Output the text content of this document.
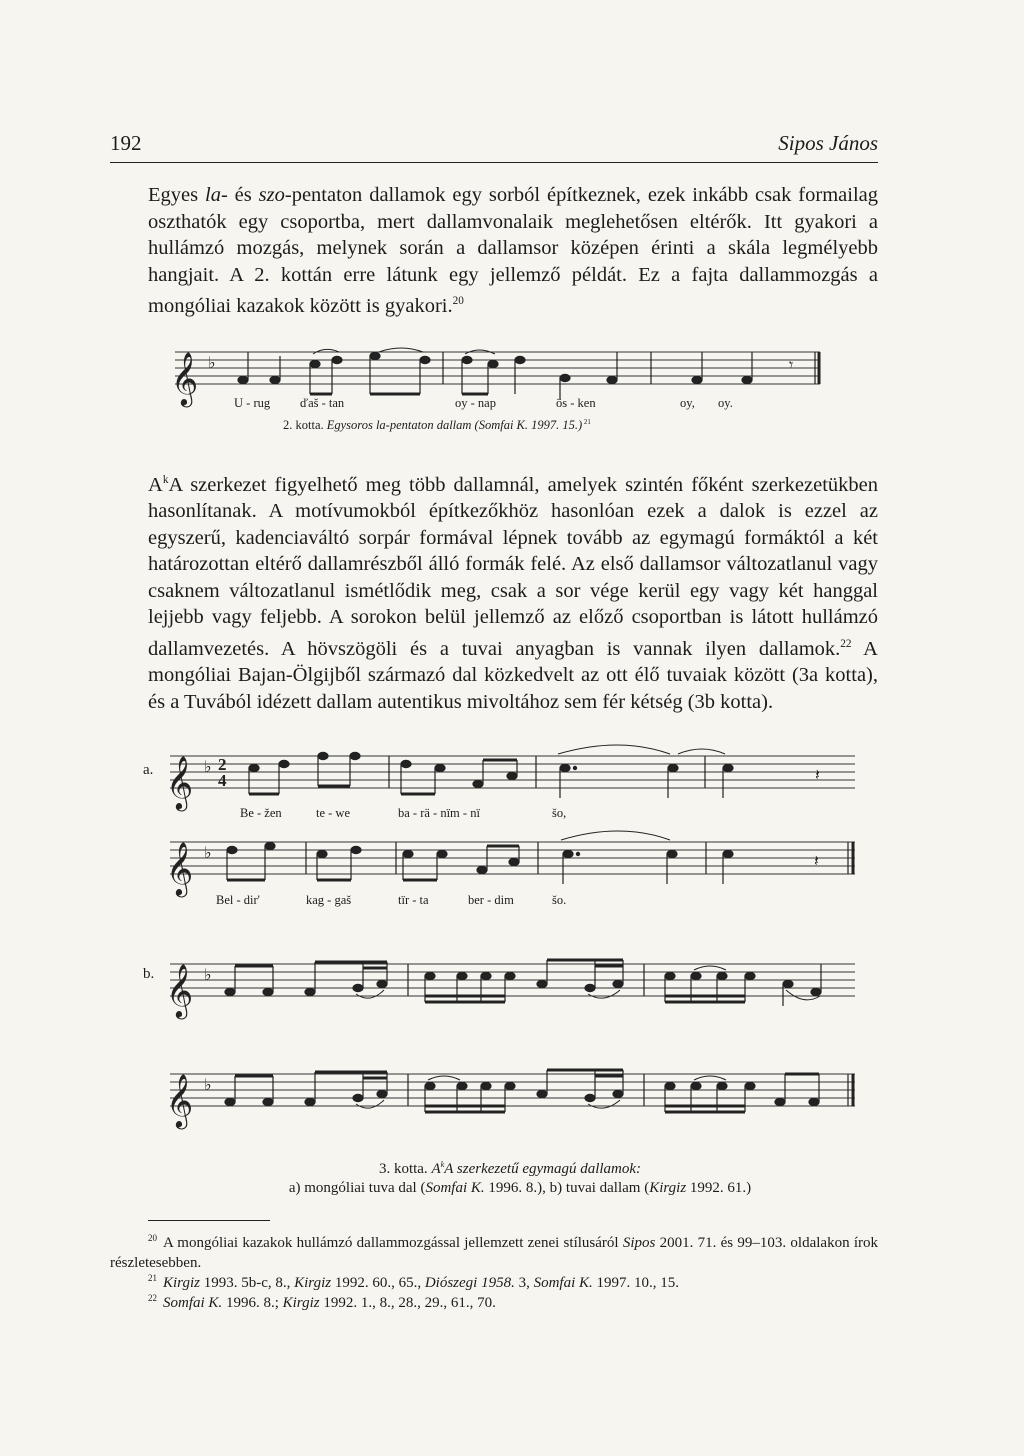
192	Sipos János

Egyes la- és szo-pentaton dallamok egy sorból építkeznek, ezek inkább csak formailag oszthatók egy csoportba, mert dallamvonalaik meglehetősen eltérők. Itt gyakori a hullámzó mozgás, melynek során a dallamsor középen érinti a skála legmélyebb hangjait. A 2. kottán erre látunk egy jellemző példát. Ez a fajta dallammozgás a mongóliai kazakok között is gyakori.$^{20}$

𝄞 ♭	𝄾
U - rug ďaš - tan	oy - nap	ös - ken	oy, oy.
2. kotta. Egysoros la-pentaton dallam (Somfai K. 1997. 15.) $^{21}$

$A^kA$ szerkezet figyelhető meg több dallamnál, amelyek szintén főként szerkezetükben hasonlítanak. A motívumokból építkezőkhöz hasonlóan ezek a dalok is ezzel az egyszerű, kadenciaváltó sorpár formával lépnek tovább az egymagú formáktól a két határozottan eltérő dallamrészből álló formák felé. Az első dallamsor változatlanul vagy csaknem változatlanul ismétlődik meg, csak a sor vége kerül egy vagy két hanggal lejjebb vagy feljebb. A sorokon belül jellemző az előző csoportban is látott hullámzó dallamvezetés. A hövszögöli és a tuvai anyagban is vannak ilyen dallamok.$^{22}$ A mongóliai Bajan-Ölgijből származó dal közkedvelt az ott élő tuvaiak között (3a kotta), és a Tuvából idézett dallam autentikus mivoltához sem fér kétség (3b kotta).

a. 𝄞 ♭ 2
4	𝄽
Be - žen	te - we	ba - rä - nïm - nï	šo,
𝄞 ♭	𝄽
Bel - dir'	kag - gaš	tïr - ta	ber - dim	šo.
b. 𝄞 ♭
𝄞 ♭
3. kotta. $A^kA$ szerkezetű egymagú dallamok:
a) mongóliai tuva dal (Somfai K. 1996. 8.), b) tuvai dallam (Kirgiz 1992. 61.)

$^{20}$ A mongóliai kazakok hullámzó dallammozgással jellemzett zenei stílusáról Sipos 2001. 71. és 99–103. oldalakon írok részletesebben.

$^{21}$ Kirgiz 1993. 5b-c, 8., Kirgiz 1992. 60., 65., Diószegi 1958. 3, Somfai K. 1997. 10., 15.

$^{22}$ Somfai K. 1996. 8.; Kirgiz 1992. 1., 8., 28., 29., 61., 70.
